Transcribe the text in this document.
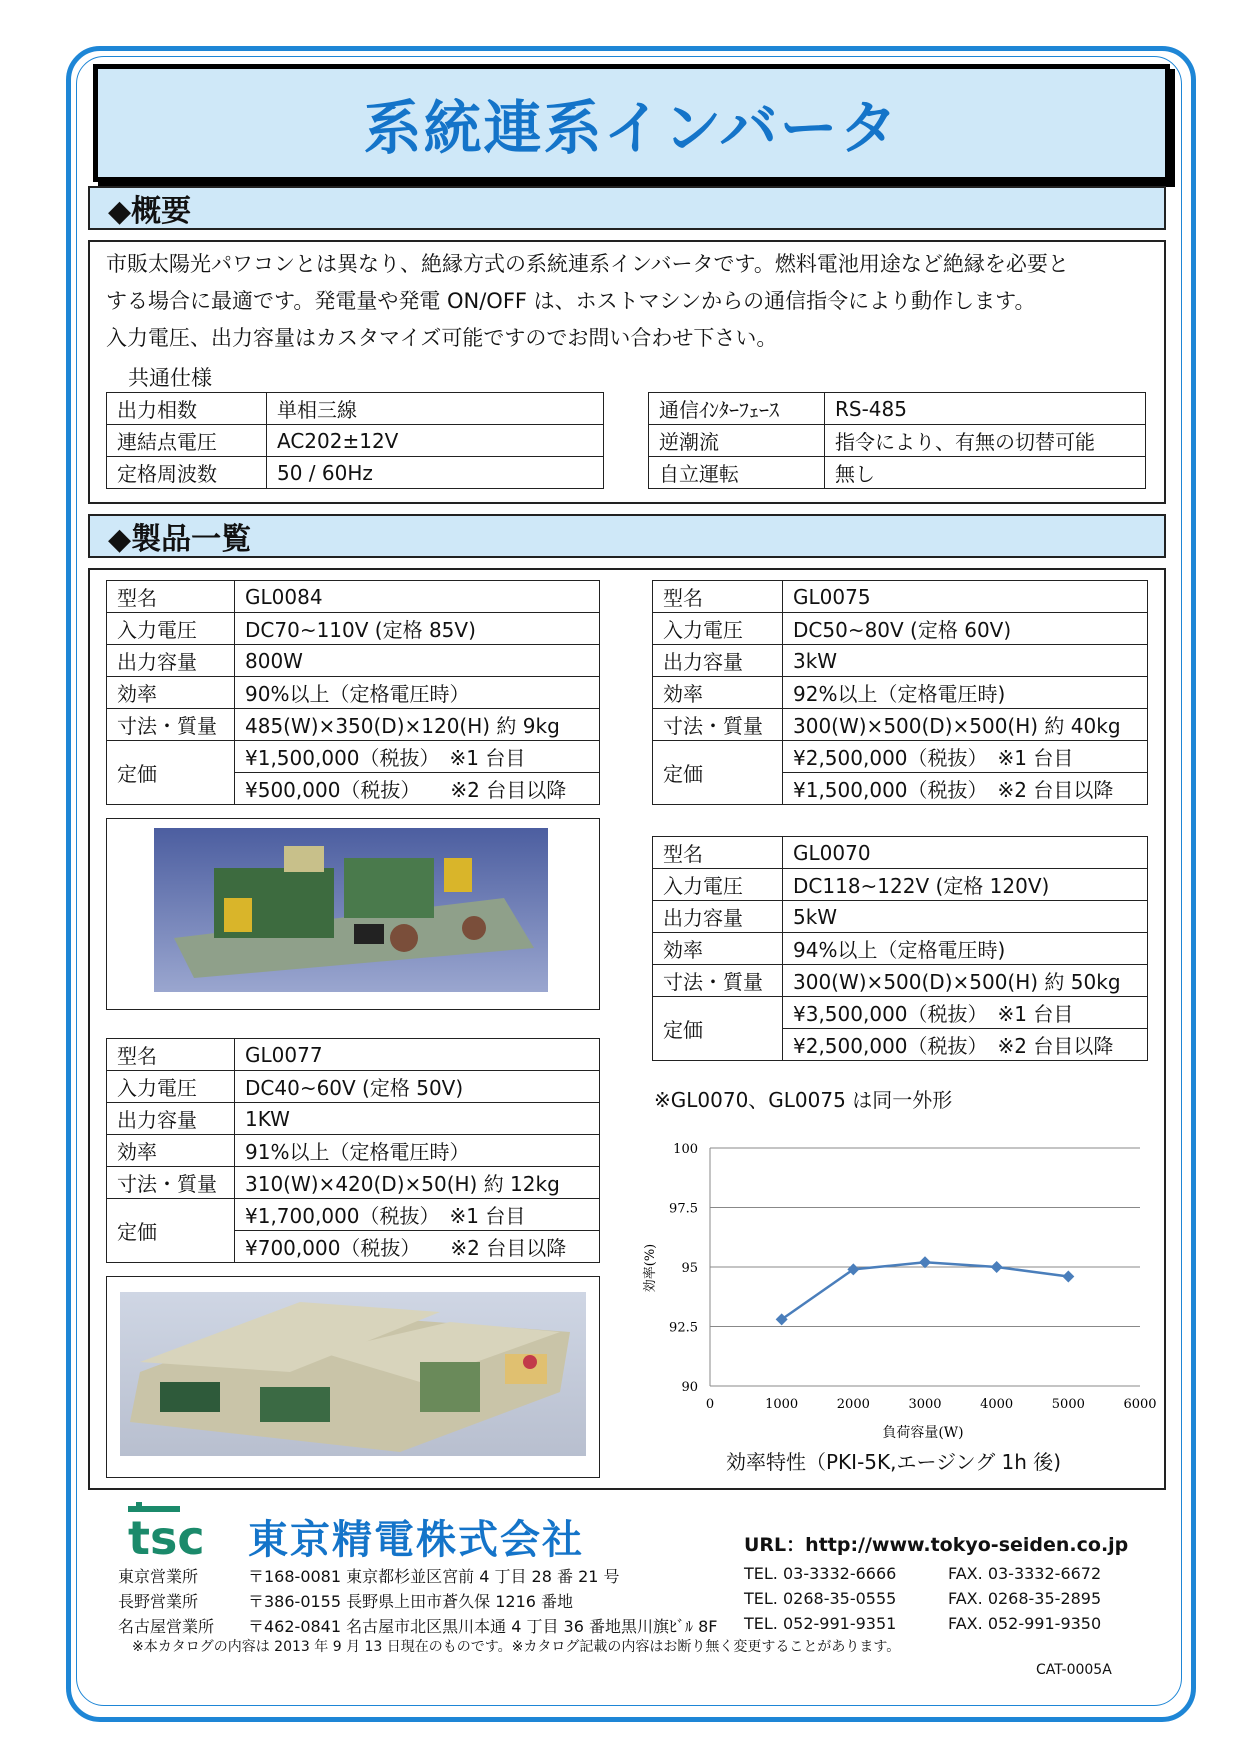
系統連系インバータ
◆概要

市販太陽光パワコンとは異なり、絶縁方式の系統連系インバータです。燃料電池用途など絶縁を必要と

する場合に最適です。発電量や発電 ON/OFF は、ホストマシンからの通信指令により動作します。

入力電圧、出力容量はカスタマイズ可能ですのでお問い合わせ下さい。

共通仕様
出力相数	単相三線
連結点電圧	AC202±12V
定格周波数	50 / 60Hz
通信ｲﾝﾀｰﾌｪｰｽ	RS-485
逆潮流	指令により、有無の切替可能
自立運転	無し
◆製品一覧
型名	GL0084
入力電圧	DC70~110V (定格 85V)
出力容量	800W
効率	90%以上（定格電圧時）
寸法・質量	485(W)×350(D)×120(H) 約 9kg
定価	¥1,500,000（税抜）　※1 台目
	¥500,000（税抜）　　※2 台目以降
型名	GL0077
入力電圧	DC40~60V (定格 50V)
出力容量	1KW
効率	91%以上（定格電圧時）
寸法・質量	310(W)×420(D)×50(H) 約 12kg
定価	¥1,700,000（税抜）　※1 台目
	¥700,000（税抜）　　※2 台目以降
型名	GL0075
入力電圧	DC50~80V (定格 60V)
出力容量	3kW
効率	92%以上（定格電圧時)
寸法・質量	300(W)×500(D)×500(H) 約 40kg
定価	¥2,500,000（税抜）　※1 台目
	¥1,500,000（税抜）　※2 台目以降
型名	GL0070
入力電圧	DC118~122V (定格 120V)
出力容量	5kW
効率	94%以上（定格電圧時)
寸法・質量	300(W)×500(D)×500(H) 約 50kg
定価	¥3,500,000（税抜）　※1 台目
	¥2,500,000（税抜）　※2 台目以降
※GL0070、GL0075 は同一外形
90
92.5
95
97.5
100
0	1000	2000	3000	4000	5000	6000
効率(%)
負荷容量(W)
効率特性（PKI-5K,エージング 1h 後)
tsc 東京精電株式会社	URL：http://www.tokyo-seiden.co.jp
東京営業所	〒168-0081 東京都杉並区宮前 4 丁目 28 番 21 号	TEL. 03-3332-6666	FAX. 03-3332-6672
長野営業所	〒386-0155 長野県上田市蒼久保 1216 番地	TEL. 0268-35-0555	FAX. 0268-35-2895
名古屋営業所 〒462-0841 名古屋市北区黒川本通 4 丁目 36 番地黒川旗ﾋﾞﾙ 8F TEL. 052-991-9351	FAX. 052-991-9350
※本カタログの内容は 2013 年 9 月 13 日現在のものです。※カタログ記載の内容はお断り無く変更することがあります。
CAT-0005A
